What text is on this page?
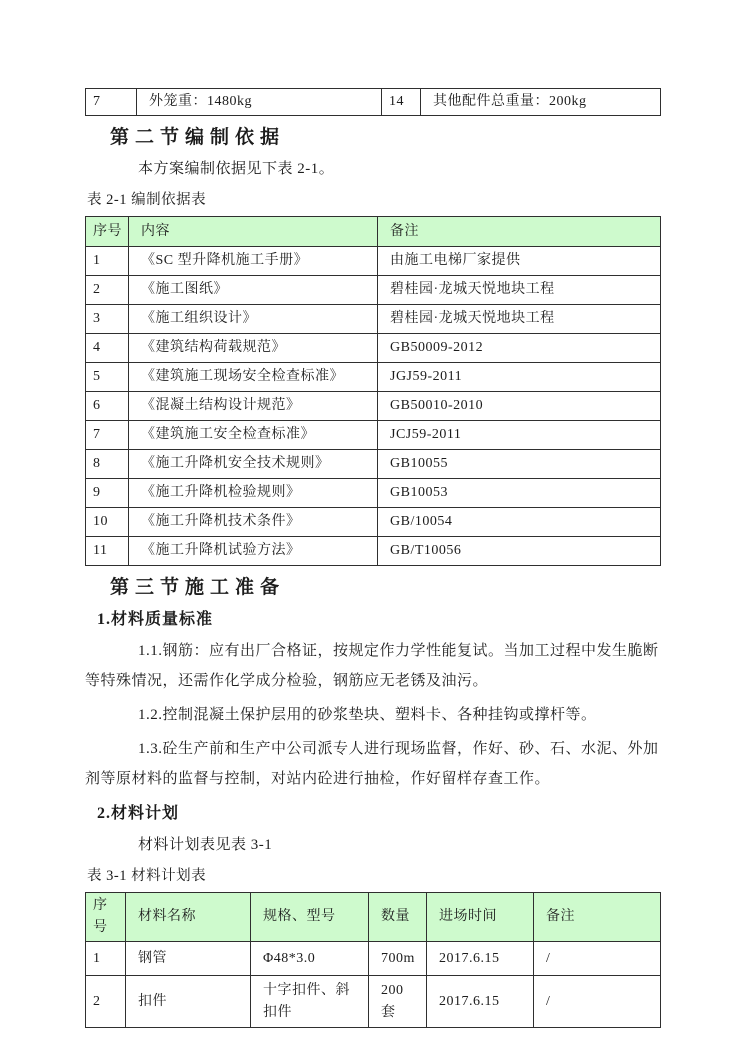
7	外笼重：1480kg	14	其他配件总重量：200kg
第二节编制依据

本方案编制依据见下表 2-1。

表 2-1 编制依据表

序号	内容	备注
1	《SC 型升降机施工手册》	由施工电梯厂家提供
2	《施工图纸》	碧桂园·龙城天悦地块工程
3	《施工组织设计》	碧桂园·龙城天悦地块工程
4	《建筑结构荷载规范》	GB50009-2012
5	《建筑施工现场安全检查标准》	JGJ59-2011
6	《混凝土结构设计规范》	GB50010-2010
7	《建筑施工安全检查标准》	JCJ59-2011
8	《施工升降机安全技术规则》	GB10055
9	《施工升降机检验规则》	GB10053
10	《施工升降机技术条件》	GB/10054
11	《施工升降机试验方法》	GB/T10056
第三节施工准备
1.材料质量标准

1.1.钢筋：应有出厂合格证，按规定作力学性能复试。当加工过程中发生脆断等特殊情况，还需作化学成分检验，钢筋应无老锈及油污。

1.2.控制混凝土保护层用的砂浆垫块、塑料卡、各种挂钩或撑杆等。

1.3.砼生产前和生产中公司派专人进行现场监督，作好、砂、石、水泥、外加剂等原材料的监督与控制，对站内砼进行抽检，作好留样存查工作。

2.材料计划

材料计划表见表 3-1

表 3-1 材料计划表

序号	材料名称	规格、型号	数量	进场时间	备注
1	钢管	Φ48*3.0	700m	2017.6.15	/
2	扣件	十字扣件、斜扣件	200 套	2017.6.15	/
